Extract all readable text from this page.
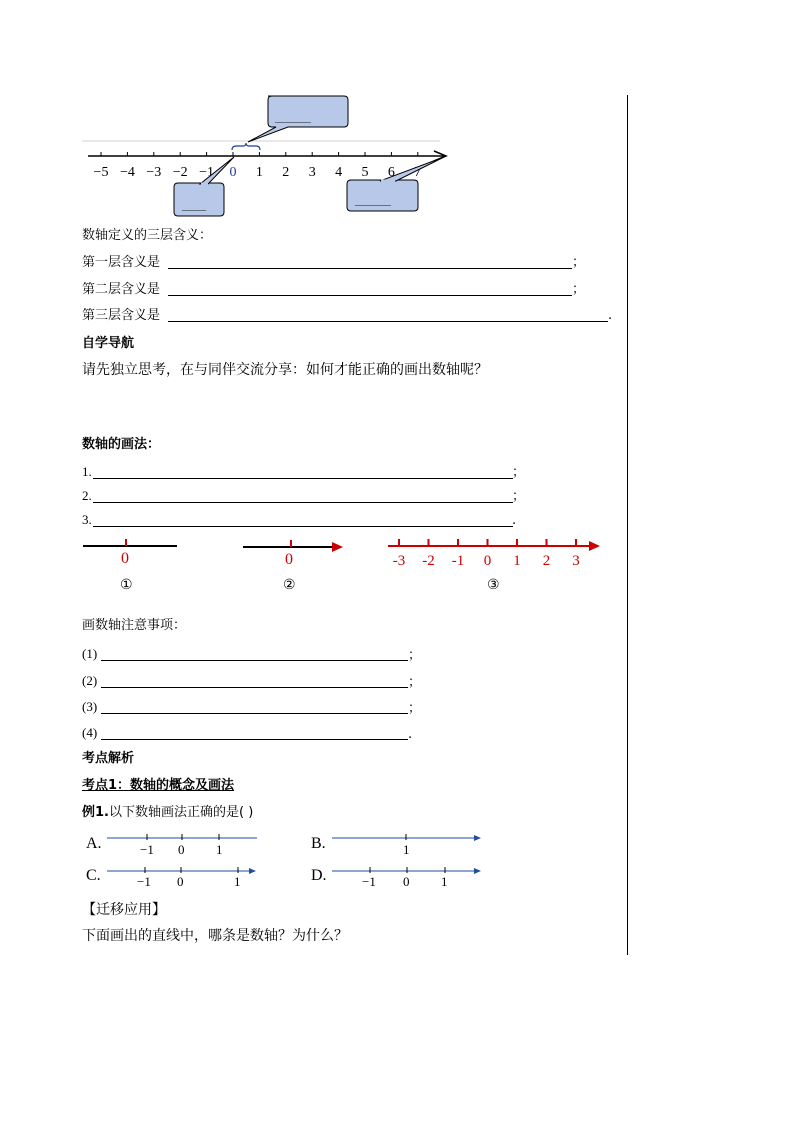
−5 −4 −3 −2 −1 0 1 2 3 4 5 6 7
______
____	______
数轴定义的三层含义：
第一层含义是	；
第二层含义是	；
第三层含义是	.
自学导航
请先独立思考，在与同伴交流分享：如何才能正确的画出数轴呢？
数轴的画法：
1.	；
2.	；
3.	.
0	0	-3 -2 -1 0 1 2 3
①	②	③
画数轴注意事项：
(1)	；
(2)	；
(3)	；
(4)	.
考点解析
考点1：数轴的概念及画法
例1.以下数轴画法正确的是( )
A.	−1 0 1	B.	1
C.	−1 0	1	D.	−1 0 1
【迁移应用】
下面画出的直线中，哪条是数轴？为什么？
